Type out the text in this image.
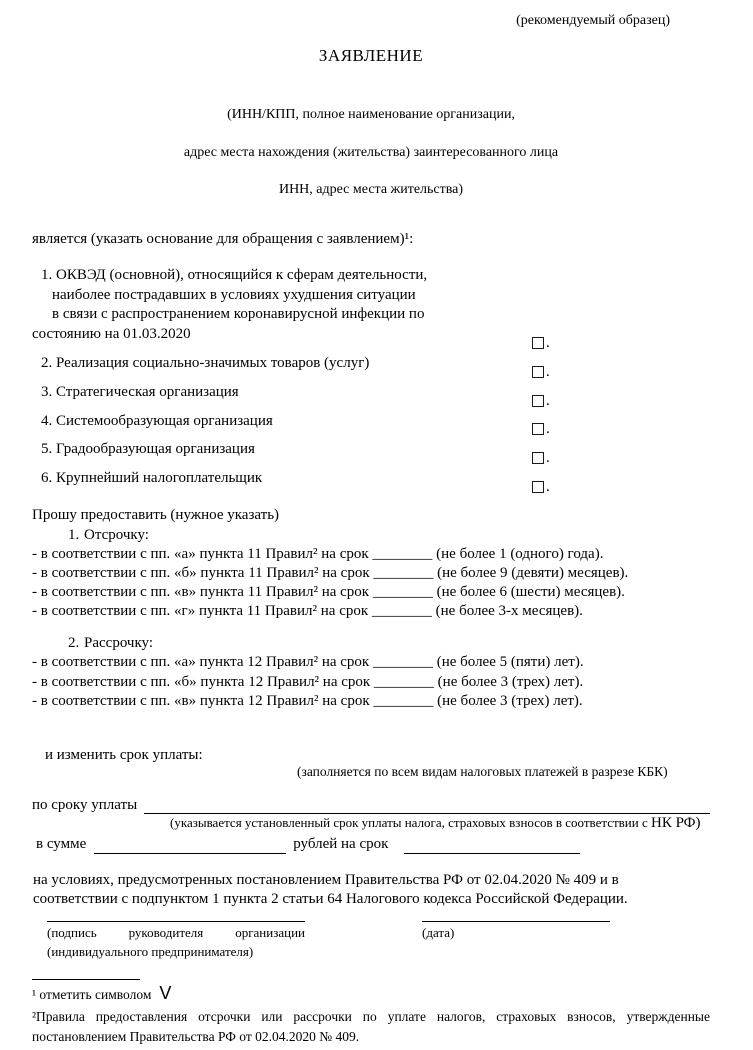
(рекомендуемый образец)
ЗАЯВЛЕНИЕ
(ИНН/КПП, полное наименование организации,
адрес места нахождения (жительства) заинтересованного лица
ИНН, адрес места жительства)
является (указать основание для обращения с заявлением)¹:
1. ОКВЭД (основной), относящийся к сферам деятельности,
наиболее пострадавших в условиях ухудшения ситуации
в связи с распространением коронавирусной инфекции по
состоянию на 01.03.2020
.
2. Реализация социально-значимых товаров (услуг)
.
3. Стратегическая организация
.
4. Системообразующая организация
.
5. Градообразующая организация
.
6. Крупнейший налогоплательщик
.
Прошу предоставить (нужное указать)
1. Отсрочку:
- в соответствии с пп. «а» пункта 11 Правил² на срок ________ (не более 1 (одного) года).
- в соответствии с пп. «б» пункта 11 Правил² на срок ________ (не более 9 (девяти) месяцев).
- в соответствии с пп. «в» пункта 11 Правил² на срок ________ (не более 6 (шести) месяцев).
- в соответствии с пп. «г» пункта 11 Правил² на срок ________ (не более 3-х месяцев).
2. Рассрочку:
- в соответствии с пп. «а» пункта 12 Правил² на срок ________ (не более 5 (пяти) лет).
- в соответствии с пп. «б» пункта 12 Правил² на срок ________ (не более 3 (трех) лет).
- в соответствии с пп. «в» пункта 12 Правил² на срок ________ (не более 3 (трех) лет).
и изменить срок уплаты:
(заполняется по всем видам налоговых платежей в разрезе КБК)
по сроку уплаты
(указывается установленный срок уплаты налога, страховых взносов в соответствии с НК РФ)
в сумме	рублей на срок
на условиях, предусмотренных постановлением Правительства РФ от 02.04.2020 № 409 и в
соответствии с подпунктом 1 пункта 2 статьи 64 Налогового кодекса Российской Федерации.
(подпись руководителя организации
(индивидуального предпринимателя)
(дата)
¹ отметить символом V
²Правила предоставления отсрочки или рассрочки по уплате налогов, страховых взносов, утвержденные
постановлением Правительства РФ от 02.04.2020 № 409.
